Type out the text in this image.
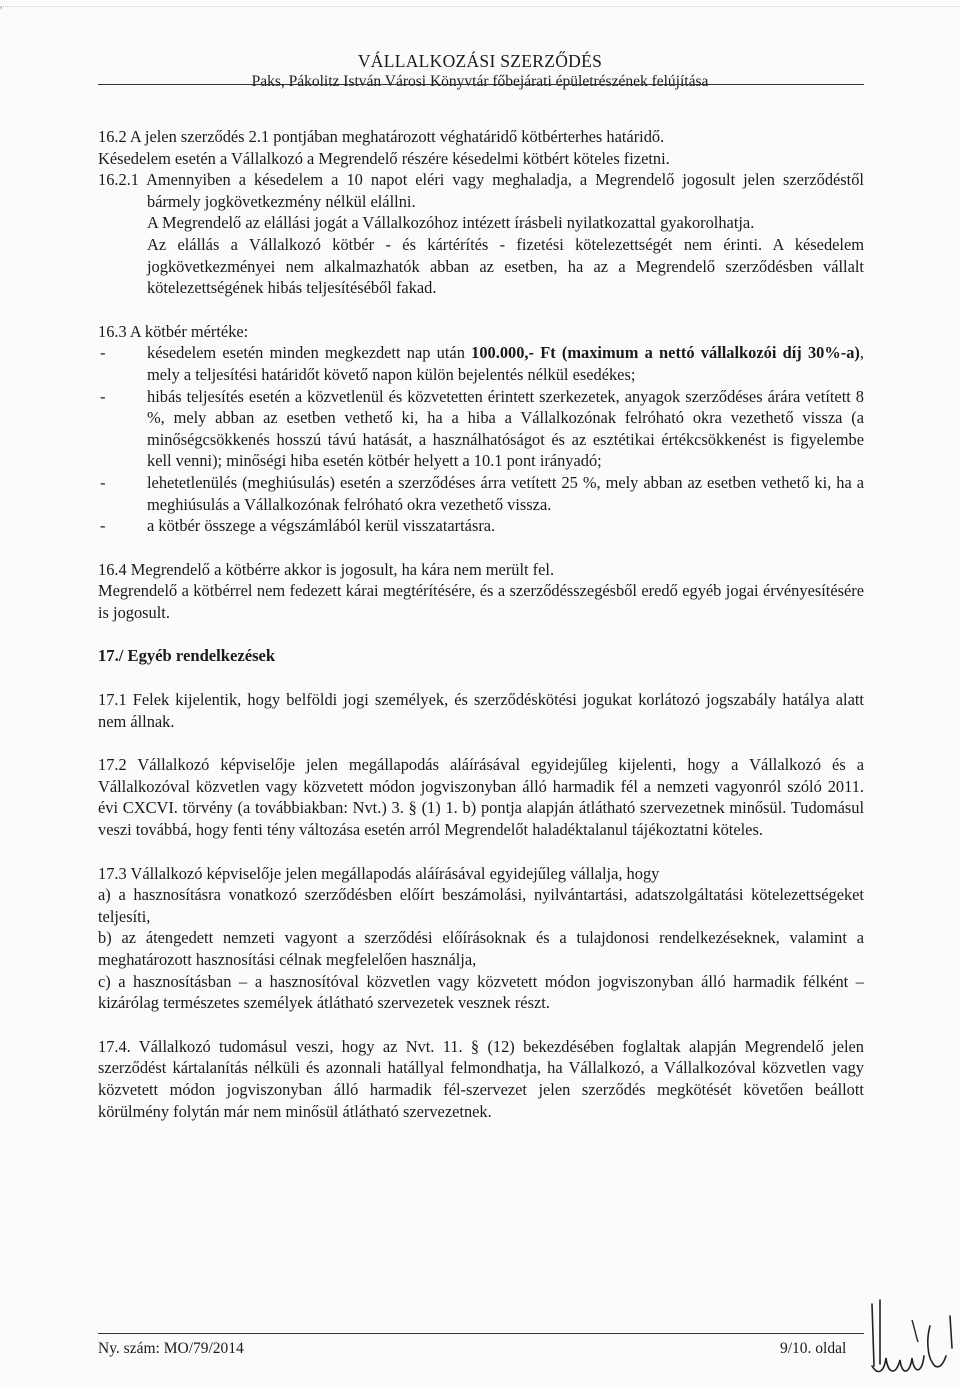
VÁLLALKOZÁSI SZERZŐDÉS
Paks, Pákolitz István Városi Könyvtár főbejárati épületrészének felújítása

16.2 A jelen szerződés 2.1 pontjában meghatározott véghatáridő kötbérterhes határidő.

Késedelem esetén a Vállalkozó a Megrendelő részére késedelmi kötbért köteles fizetni.

16.2.1 Amennyiben a késedelem a 10 napot eléri vagy meghaladja, a Megrendelő jogosult jelen szerződéstől bármely jogkövetkezmény nélkül elállni.

A Megrendelő az elállási jogát a Vállalkozóhoz intézett írásbeli nyilatkozattal gyakorolhatja.

Az elállás a Vállalkozó kötbér - és kártérítés - fizetési kötelezettségét nem érinti. A késedelem jogkövetkezményei nem alkalmazhatók abban az esetben, ha az a Megrendelő szerződésben vállalt kötelezettségének hibás teljesítéséből fakad.

16.3 A kötbér mértéke:

-	késedelem esetén minden megkezdett nap után 100.000,- Ft (maximum a nettó vállalkozói díj 30%-a), mely a teljesítési határidőt követő napon külön bejelentés nélkül esedékes;
-	hibás teljesítés esetén a közvetlenül és közvetetten érintett szerkezetek, anyagok szerződéses árára vetített 8 %, mely abban az esetben vethető ki, ha a hiba a Vállalkozónak felróható okra vezethető vissza (a minőségcsökkenés hosszú távú hatását, a használhatóságot és az esztétikai értékcsökkenést is figyelembe kell venni); minőségi hiba esetén kötbér helyett a 10.1 pont irányadó;
-	lehetetlenülés (meghiúsulás) esetén a szerződéses árra vetített 25 %, mely abban az esetben vethető ki, ha a meghiúsulás a Vállalkozónak felróható okra vezethető vissza.
-	a kötbér összege a végszámlából kerül visszatartásra.

16.4 Megrendelő a kötbérre akkor is jogosult, ha kára nem merült fel.

Megrendelő a kötbérrel nem fedezett kárai megtérítésére, és a szerződésszegésből eredő egyéb jogai érvényesítésére is jogosult.

17./ Egyéb rendelkezések

17.1 Felek kijelentik, hogy belföldi jogi személyek, és szerződéskötési jogukat korlátozó jogszabály hatálya alatt nem állnak.

17.2 Vállalkozó képviselője jelen megállapodás aláírásával egyidejűleg kijelenti, hogy a Vállalkozó és a Vállalkozóval közvetlen vagy közvetett módon jogviszonyban álló harmadik fél a nemzeti vagyonról szóló 2011. évi CXCVI. törvény (a továbbiakban: Nvt.) 3. § (1) 1. b) pontja alapján átlátható szervezetnek minősül. Tudomásul veszi továbbá, hogy fenti tény változása esetén arról Megrendelőt haladéktalanul tájékoztatni köteles.

17.3 Vállalkozó képviselője jelen megállapodás aláírásával egyidejűleg vállalja, hogy

a) a hasznosításra vonatkozó szerződésben előírt beszámolási, nyilvántartási, adatszolgáltatási kötelezettségeket teljesíti,

b) az átengedett nemzeti vagyont a szerződési előírásoknak és a tulajdonosi rendelkezéseknek, valamint a meghatározott hasznosítási célnak megfelelően használja,

c) a hasznosításban – a hasznosítóval közvetlen vagy közvetett módon jogviszonyban álló harmadik félként – kizárólag természetes személyek átlátható szervezetek vesznek részt.

17.4. Vállalkozó tudomásul veszi, hogy az Nvt. 11. § (12) bekezdésében foglaltak alapján Megrendelő jelen szerződést kártalanítás nélküli és azonnali hatállyal felmondhatja, ha Vállalkozó, a Vállalkozóval közvetlen vagy közvetett módon jogviszonyban álló harmadik fél-szervezet jelen szerződés megkötését követően beállott körülmény folytán már nem minősül átlátható szervezetnek.

,
Ny. szám: MO/79/2014	9/10. oldal
